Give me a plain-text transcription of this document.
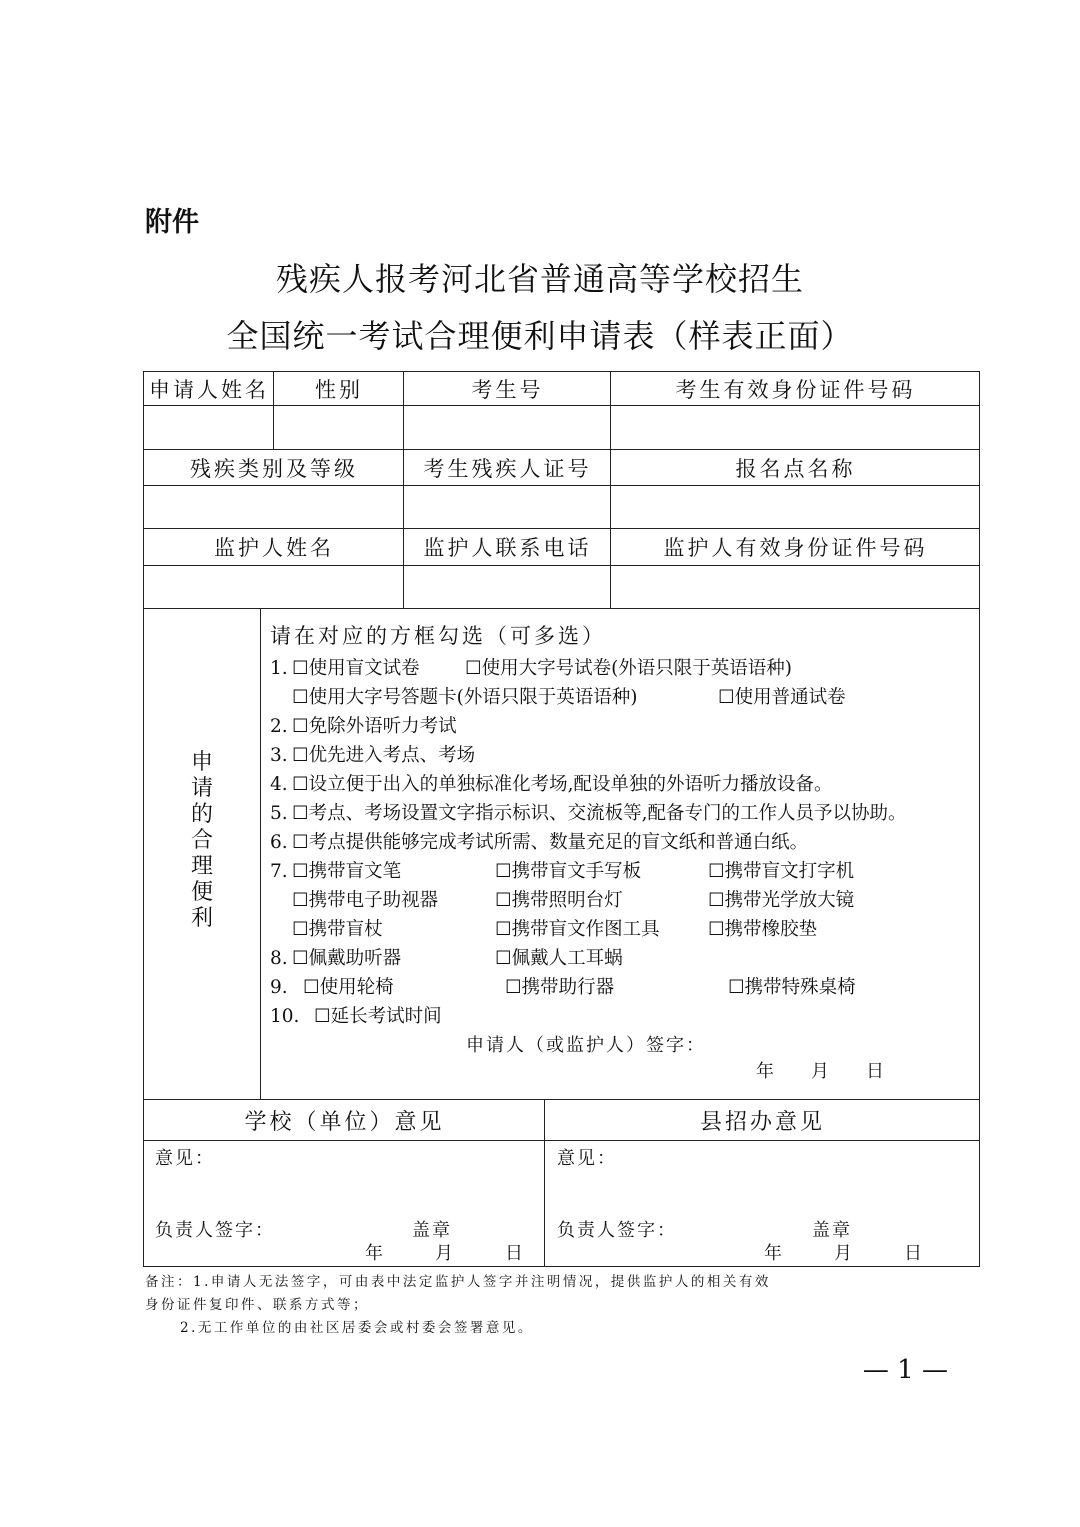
附件
残疾人报考河北省普通高等学校招生
全国统一考试合理便利申请表（样表正面）
申请人姓名	性别	考生号	考生有效身份证件号码
残疾类别及等级	考生残疾人证号	报名点名称
监护人姓名	监护人联系电话	监护人有效身份证件号码
申
请
的
合
理
便
利
请在对应的方框勾选（可多选）
1. ☐使用盲文试卷 ☐使用大字号试卷(外语只限于英语语种)
☐使用大字号答题卡(外语只限于英语语种)	☐使用普通试卷
2. ☐免除外语听力考试
3. ☐优先进入考点、考场
4. ☐设立便于出入的单独标准化考场,配设单独的外语听力播放设备。
5. ☐考点、考场设置文字指示标识、交流板等,配备专门的工作人员予以协助。
6. ☐考点提供能够完成考试所需、数量充足的盲文纸和普通白纸。
7. ☐携带盲文笔	☐携带盲文手写板	☐携带盲文打字机
☐携带电子助视器	☐携带照明台灯	☐携带光学放大镜
☐携带盲杖	☐携带盲文作图工具	☐携带橡胶垫
8. ☐佩戴助听器	☐佩戴人工耳蜗
9. ☐使用轮椅	☐携带助行器	☐携带特殊桌椅
10. ☐延长考试时间
申请人（或监护人）签字：
年 月 日
学校（单位）意见	县招办意见
意见：
负责人签字：	盖章
年	月	日
意见：
负责人签字：	盖章
年	月	日
备注：1.申请人无法签字，可由表中法定监护人签字并注明情况，提供监护人的相关有效
身份证件复印件、联系方式等；
2.无工作单位的由社区居委会或村委会签署意见。
— 1 —
